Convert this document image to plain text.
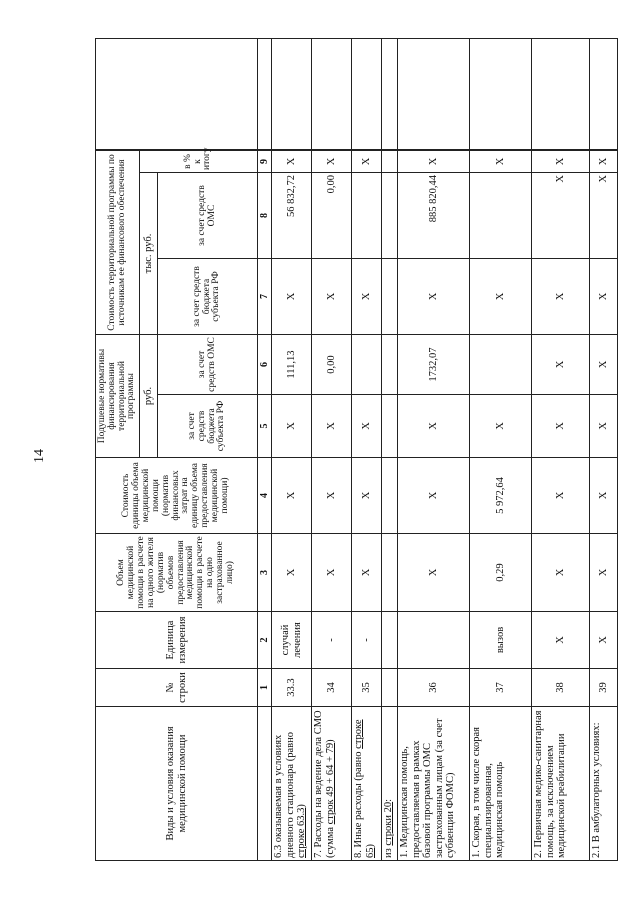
14
Виды и условия оказания медицинской помощи	№ строки	Единица измерения	Объем медицинской помощи в расчете на одного жителя (норматив объемов предоставления медицинской помощи в расчете на одно застрахованное лицо)	Стоимость единицы объема медицинской помощи (норматив финансовых затрат на единицу объема предоставления медицинской помощи)	Подушевые нормативы финансирования территориальной программы		Стоимость территориальной программы по источникам ее финансового обеспечения			
					руб.		тыс. руб.		в % к итогу	
					за счет средств бюджета субъекта РФ	за счет средств ОМС	за счет средств бюджета субъекта РФ	за счет средств ОМС		
	1	2	3	4	5	6	7	8	9		
6.3 оказываемая в условиях дневного стационара (равно строке 63.3)	33.3	случай лечения	X	X	X	111,13	X	56 832,72	X		
7. Расходы на ведение дела СМО (сумма строк 49 + 64 + 79)	34	-	X	X	X	0,00	X	0,00	X		
8. Иные расходы (равно строке 65)	35	-	X	X	X		X		X		
из строки 20:											
1. Медицинская помощь, предоставляемая в рамках базовой программы ОМС застрахованным лицам (за счет субвенции ФОМС)	36		X	X	X	1732,07	X	885 820,44	X		
1. Скорая, в том числе скорая специализированная, медицинская помощь	37	вызов	0,29	5 972,64	X		X		X		
2. Первичная медико-санитарная помощь, за исключением медицинской реабилитации	38	X	X	X	X	X	X	X	X		
2.1 В амбулаторных условиях:	39	X	X	X	X	X	X	X	X		
